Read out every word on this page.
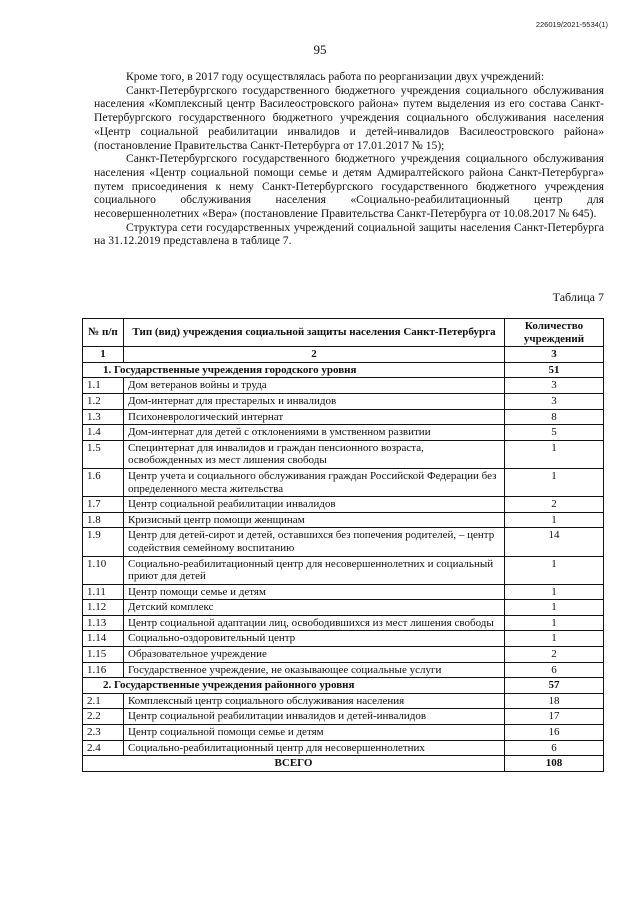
226019/2021-5534(1)
95

Кроме того, в 2017 году осуществлялась работа по реорганизации двух учреждений:

Санкт-Петербургского государственного бюджетного учреждения социального обслуживания населения «Комплексный центр Василеостровского района» путем выделения из его состава Санкт-Петербургского государственного бюджетного учреждения социального обслуживания населения «Центр социальной реабилитации инвалидов и детей-инвалидов Василеостровского района» (постановление Правительства Санкт-Петербурга от 17.01.2017 № 15);

Санкт-Петербургского государственного бюджетного учреждения социального обслуживания населения «Центр социальной помощи семье и детям Адмиралтейского района Санкт-Петербурга» путем присоединения к нему Санкт-Петербургского государственного бюджетного учреждения социального обслуживания населения «Социально-реабилитационный центр для несовершеннолетних «Вера» (постановление Правительства Санкт-Петербурга от 10.08.2017 № 645).

Структура сети государственных учреждений социальной защиты населения Санкт-Петербурга на 31.12.2019 представлена в таблице 7.

Таблица 7
№ п/п	Тип (вид) учреждения социальной защиты населения Санкт-Петербурга	Количество учреждений
1	2	3
1. Государственные учреждения городского уровня		51
1.1	Дом ветеранов войны и труда	3
1.2	Дом-интернат для престарелых и инвалидов	3
1.3	Психоневрологический интернат	8
1.4	Дом-интернат для детей с отклонениями в умственном развитии	5
1.5	Специнтернат для инвалидов и граждан пенсионного возраста, освобожденных из мест лишения свободы	1
1.6	Центр учета и социального обслуживания граждан Российской Федерации без определенного места жительства	1
1.7	Центр социальной реабилитации инвалидов	2
1.8	Кризисный центр помощи женщинам	1
1.9	Центр для детей-сирот и детей, оставшихся без попечения родителей, – центр содействия семейному воспитанию	14
1.10	Социально-реабилитационный центр для несовершеннолетних и социальный приют для детей	1
1.11	Центр помощи семье и детям	1
1.12	Детский комплекс	1
1.13	Центр социальной адаптации лиц, освободившихся из мест лишения свободы	1
1.14	Социально-оздоровительный центр	1
1.15	Образовательное учреждение	2
1.16	Государственное учреждение, не оказывающее социальные услуги	6
2. Государственные учреждения районного уровня		57
2.1	Комплексный центр социального обслуживания населения	18
2.2	Центр социальной реабилитации инвалидов и детей-инвалидов	17
2.3	Центр социальной помощи семье и детям	16
2.4	Социально-реабилитационный центр для несовершеннолетних	6
ВСЕГО		108
